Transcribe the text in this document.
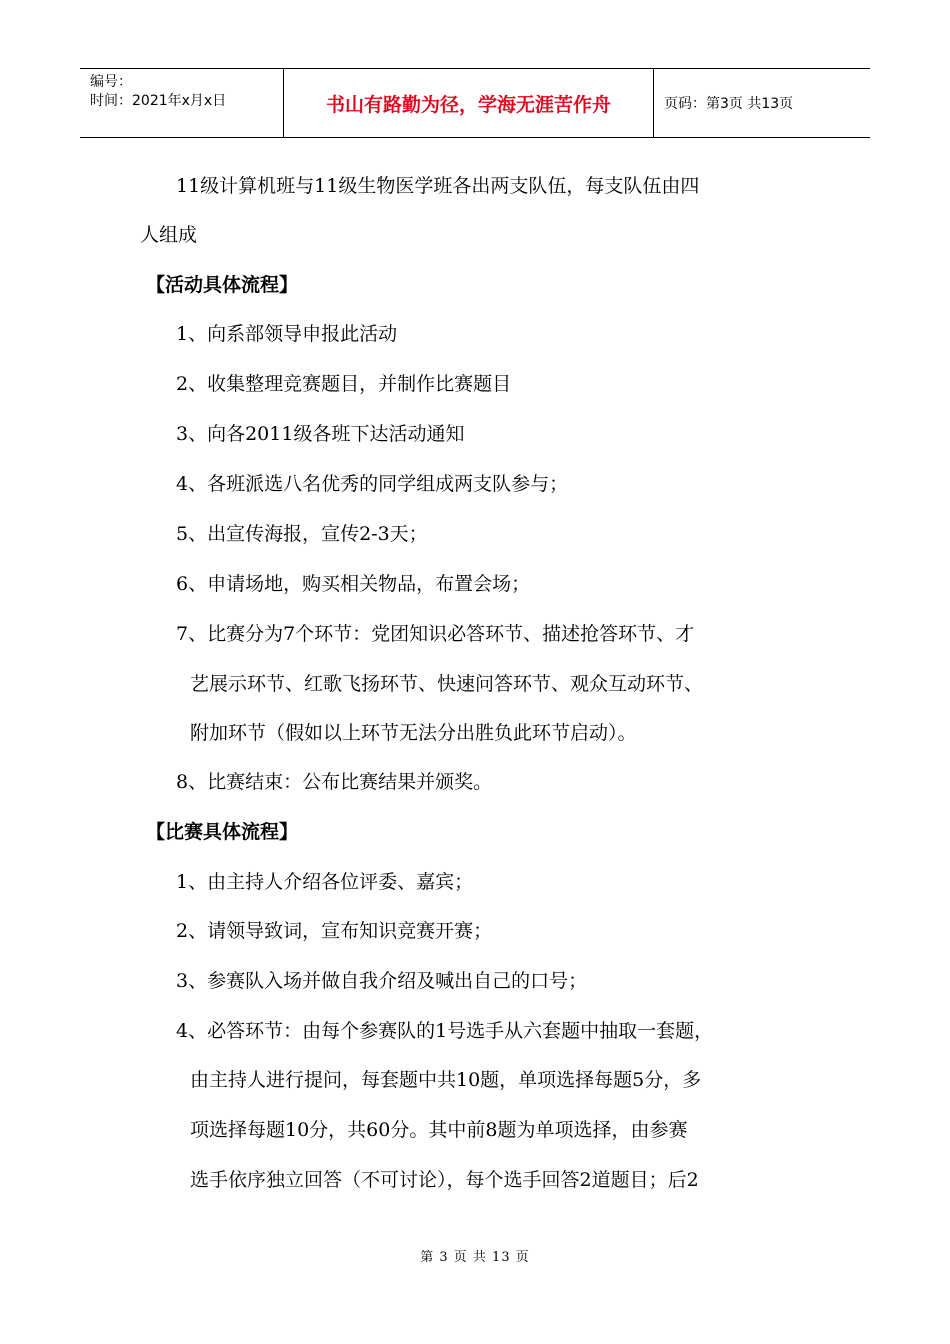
编号：
时间：2021年x月x日	书山有路勤为径，学海无涯苦作舟	页码：第3页 共13页
11级计算机班与11级生物医学班各出两支队伍，每支队伍由四
人组成
【活动具体流程】
1、向系部领导申报此活动
2、收集整理竞赛题目，并制作比赛题目
3、向各2011级各班下达活动通知
4、各班派选八名优秀的同学组成两支队参与；
5、出宣传海报，宣传2-3天；
6、申请场地，购买相关物品，布置会场；
7、比赛分为7个环节：党团知识必答环节、描述抢答环节、才
艺展示环节、红歌飞扬环节、快速问答环节、观众互动环节、
附加环节（假如以上环节无法分出胜负此环节启动）。
8、比赛结束：公布比赛结果并颁奖。
【比赛具体流程】
1、由主持人介绍各位评委、嘉宾；
2、请领导致词，宣布知识竞赛开赛；
3、参赛队入场并做自我介绍及喊出自己的口号；
4、必答环节：由每个参赛队的1号选手从六套题中抽取一套题，
由主持人进行提问，每套题中共10题，单项选择每题5分，多
项选择每题10分，共60分。其中前8题为单项选择，由参赛
选手依序独立回答（不可讨论），每个选手回答2道题目；后2
第 3 页 共 13 页
